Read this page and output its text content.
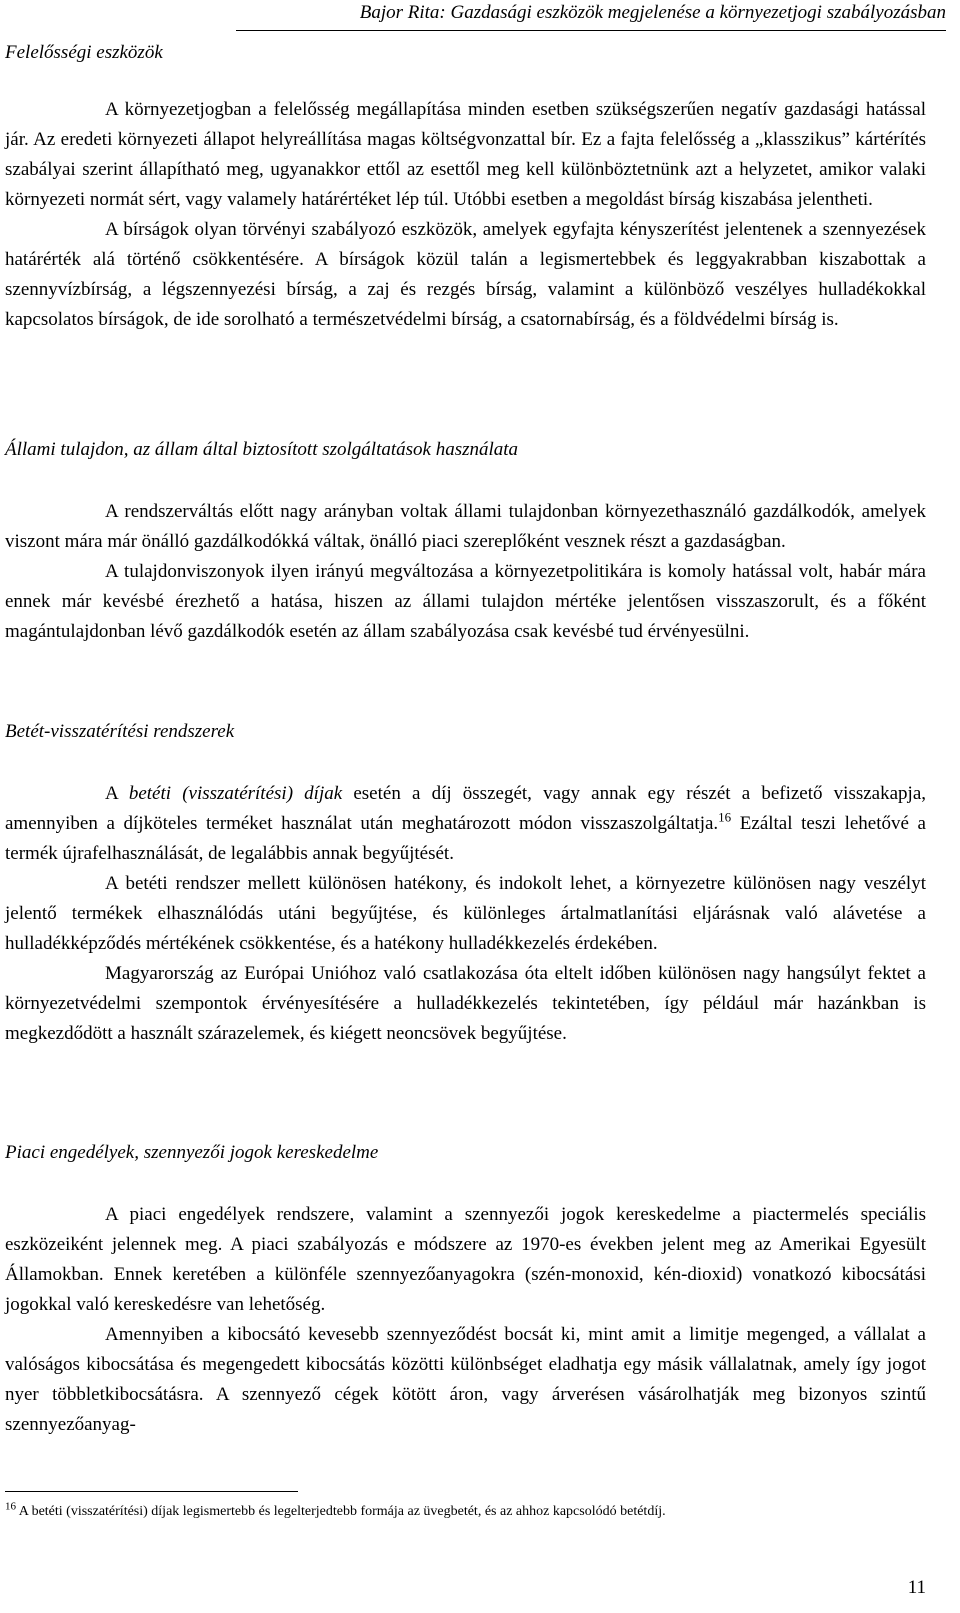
Bajor Rita: Gazdasági eszközök megjelenése a környezetjogi szabályozásban
Felelősségi eszközök

A környezetjogban a felelősség megállapítása minden esetben szükségszerűen negatív gazdasági hatással jár. Az eredeti környezeti állapot helyreállítása magas költségvonzattal bír. Ez a fajta felelősség a „klasszikus” kártérítés szabályai szerint állapítható meg, ugyanakkor ettől az esettől meg kell különböztetnünk azt a helyzetet, amikor valaki környezeti normát sért, vagy valamely határértéket lép túl. Utóbbi esetben a megoldást bírság kiszabása jelentheti.

A bírságok olyan törvényi szabályozó eszközök, amelyek egyfajta kényszerítést jelentenek a szennyezések határérték alá történő csökkentésére. A bírságok közül talán a legismertebbek és leggyakrabban kiszabottak a szennyvízbírság, a légszennyezési bírság, a zaj és rezgés bírság, valamint a különböző veszélyes hulladékokkal kapcsolatos bírságok, de ide sorolható a természetvédelmi bírság, a csatornabírság, és a földvédelmi bírság is.

Állami tulajdon, az állam által biztosított szolgáltatások használata

A rendszerváltás előtt nagy arányban voltak állami tulajdonban környezethasználó gazdálkodók, amelyek viszont mára már önálló gazdálkodókká váltak, önálló piaci szereplőként vesznek részt a gazdaságban.

A tulajdonviszonyok ilyen irányú megváltozása a környezetpolitikára is komoly hatással volt, habár mára ennek már kevésbé érezhető a hatása, hiszen az állami tulajdon mértéke jelentősen visszaszorult, és a főként magántulajdonban lévő gazdálkodók esetén az állam szabályozása csak kevésbé tud érvényesülni.

Betét-visszatérítési rendszerek

A betéti (visszatérítési) díjak esetén a díj összegét, vagy annak egy részét a befizető visszakapja, amennyiben a díjköteles terméket használat után meghatározott módon visszaszolgáltatja.$^{16}$ Ezáltal teszi lehetővé a termék újrafelhasználását, de legalábbis annak begyűjtését.

A betéti rendszer mellett különösen hatékony, és indokolt lehet, a környezetre különösen nagy veszélyt jelentő termékek elhasználódás utáni begyűjtése, és különleges ártalmatlanítási eljárásnak való alávetése a hulladékképződés mértékének csökkentése, és a hatékony hulladékkezelés érdekében.

Magyarország az Európai Unióhoz való csatlakozása óta eltelt időben különösen nagy hangsúlyt fektet a környezetvédelmi szempontok érvényesítésére a hulladékkezelés tekintetében, így például már hazánkban is megkezdődött a használt szárazelemek, és kiégett neoncsövek begyűjtése.

Piaci engedélyek, szennyezői jogok kereskedelme

A piaci engedélyek rendszere, valamint a szennyezői jogok kereskedelme a piactermelés speciális eszközeiként jelennek meg. A piaci szabályozás e módszere az 1970-es években jelent meg az Amerikai Egyesült Államokban. Ennek keretében a különféle szennyezőanyagokra (szén-monoxid, kén-dioxid) vonatkozó kibocsátási jogokkal való kereskedésre van lehetőség.

Amennyiben a kibocsátó kevesebb szennyeződést bocsát ki, mint amit a limitje megenged, a vállalat a valóságos kibocsátása és megengedett kibocsátás közötti különbséget eladhatja egy másik vállalatnak, amely így jogot nyer többletkibocsátásra. A szennyező cégek kötött áron, vagy árverésen vásárolhatják meg bizonyos szintű szennyezőanyag-

$^{16}$ A betéti (visszatérítési) díjak legismertebb és legelterjedtebb formája az üvegbetét, és az ahhoz kapcsolódó betétdíj.
11
